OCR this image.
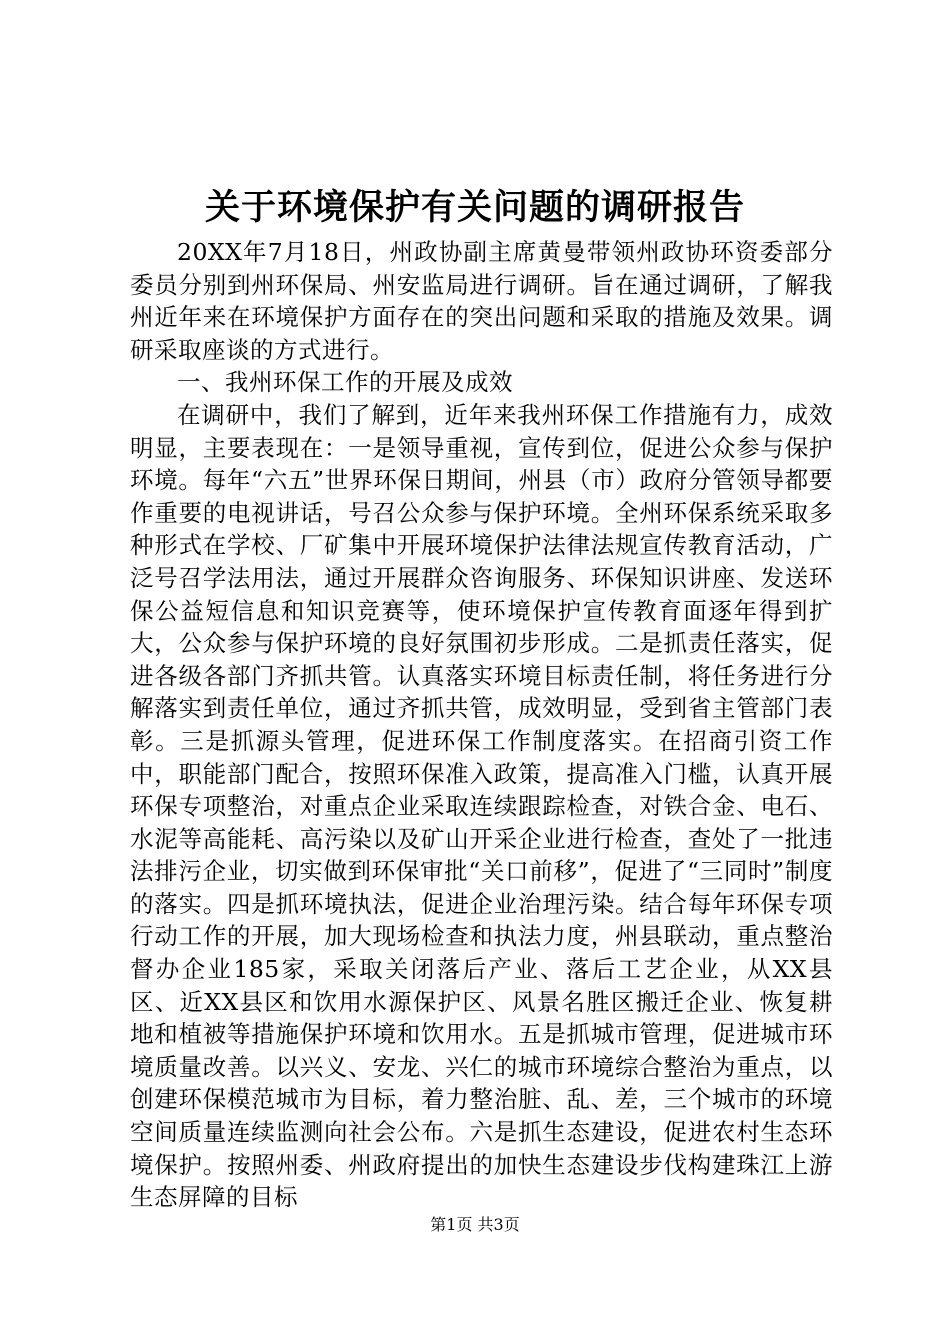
关于环境保护有关问题的调研报告

20XX年7月18日，州政协副主席黄曼带领州政协环资委部分委员分别到州环保局、州安监局进行调研。旨在通过调研，了解我州近年来在环境保护方面存在的突出问题和采取的措施及效果。调研采取座谈的方式进行。

一、我州环保工作的开展及成效

在调研中，我们了解到，近年来我州环保工作措施有力，成效明显，主要表现在：一是领导重视，宣传到位，促进公众参与保护环境。每年“六五”世界环保日期间，州县（市）政府分管领导都要作重要的电视讲话，号召公众参与保护环境。全州环保系统采取多种形式在学校、厂矿集中开展环境保护法律法规宣传教育活动，广泛号召学法用法，通过开展群众咨询服务、环保知识讲座、发送环保公益短信息和知识竞赛等，使环境保护宣传教育面逐年得到扩大，公众参与保护环境的良好氛围初步形成。二是抓责任落实，促进各级各部门齐抓共管。认真落实环境目标责任制，将任务进行分解落实到责任单位，通过齐抓共管，成效明显，受到省主管部门表彰。三是抓源头管理，促进环保工作制度落实。在招商引资工作中，职能部门配合，按照环保准入政策，提高准入门槛，认真开展环保专项整治，对重点企业采取连续跟踪检查，对铁合金、电石、水泥等高能耗、高污染以及矿山开采企业进行检查，查处了一批违法排污企业，切实做到环保审批“关口前移”，促进了“三同时”制度的落实。四是抓环境执法，促进企业治理污染。结合每年环保专项行动工作的开展，加大现场检查和执法力度，州县联动，重点整治督办企业185家，采取关闭落后产业、落后工艺企业，从XX县区、近XX县区和饮用水源保护区、风景名胜区搬迁企业、恢复耕地和植被等措施保护环境和饮用水。五是抓城市管理，促进城市环境质量改善。以兴义、安龙、兴仁的城市环境综合整治为重点，以创建环保模范城市为目标，着力整治脏、乱、差，三个城市的环境空间质量连续监测向社会公布。六是抓生态建设，促进农村生态环境保护。按照州委、州政府提出的加快生态建设步伐构建珠江上游生态屏障的目标

第1页 共3页
